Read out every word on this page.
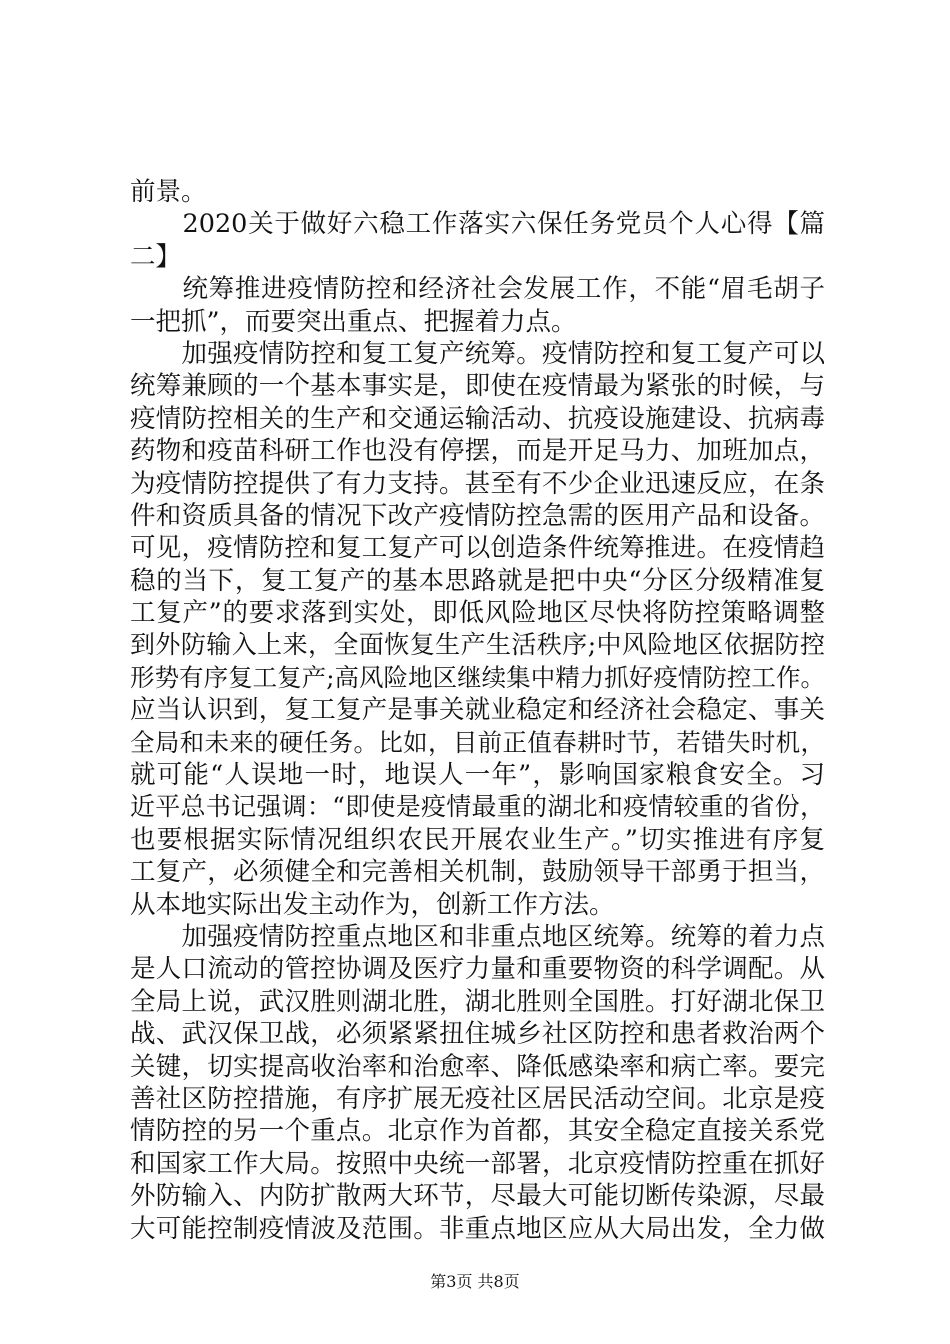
前景。
　　2020关于做好六稳工作落实六保任务党员个人心得【篇
二】
　　统筹推进疫情防控和经济社会发展工作，不能“眉毛胡子
一把抓”，而要突出重点、把握着力点。
　　加强疫情防控和复工复产统筹。疫情防控和复工复产可以
统筹兼顾的一个基本事实是，即使在疫情最为紧张的时候，与
疫情防控相关的生产和交通运输活动、抗疫设施建设、抗病毒
药物和疫苗科研工作也没有停摆，而是开足马力、加班加点，
为疫情防控提供了有力支持。甚至有不少企业迅速反应，在条
件和资质具备的情况下改产疫情防控急需的医用产品和设备。
可见，疫情防控和复工复产可以创造条件统筹推进。在疫情趋
稳的当下，复工复产的基本思路就是把中央“分区分级精准复
工复产”的要求落到实处，即低风险地区尽快将防控策略调整
到外防输入上来，全面恢复生产生活秩序;中风险地区依据防控
形势有序复工复产;高风险地区继续集中精力抓好疫情防控工作。
应当认识到，复工复产是事关就业稳定和经济社会稳定、事关
全局和未来的硬任务。比如，目前正值春耕时节，若错失时机，
就可能“人误地一时，地误人一年”，影响国家粮食安全。习
近平总书记强调：“即使是疫情最重的湖北和疫情较重的省份，
也要根据实际情况组织农民开展农业生产。”切实推进有序复
工复产，必须健全和完善相关机制，鼓励领导干部勇于担当，
从本地实际出发主动作为，创新工作方法。
　　加强疫情防控重点地区和非重点地区统筹。统筹的着力点
是人口流动的管控协调及医疗力量和重要物资的科学调配。从
全局上说，武汉胜则湖北胜，湖北胜则全国胜。打好湖北保卫
战、武汉保卫战，必须紧紧扭住城乡社区防控和患者救治两个
关键，切实提高收治率和治愈率、降低感染率和病亡率。要完
善社区防控措施，有序扩展无疫社区居民活动空间。北京是疫
情防控的另一个重点。北京作为首都，其安全稳定直接关系党
和国家工作大局。按照中央统一部署，北京疫情防控重在抓好
外防输入、内防扩散两大环节，尽最大可能切断传染源，尽最
大可能控制疫情波及范围。非重点地区应从大局出发，全力做
第3页 共8页
